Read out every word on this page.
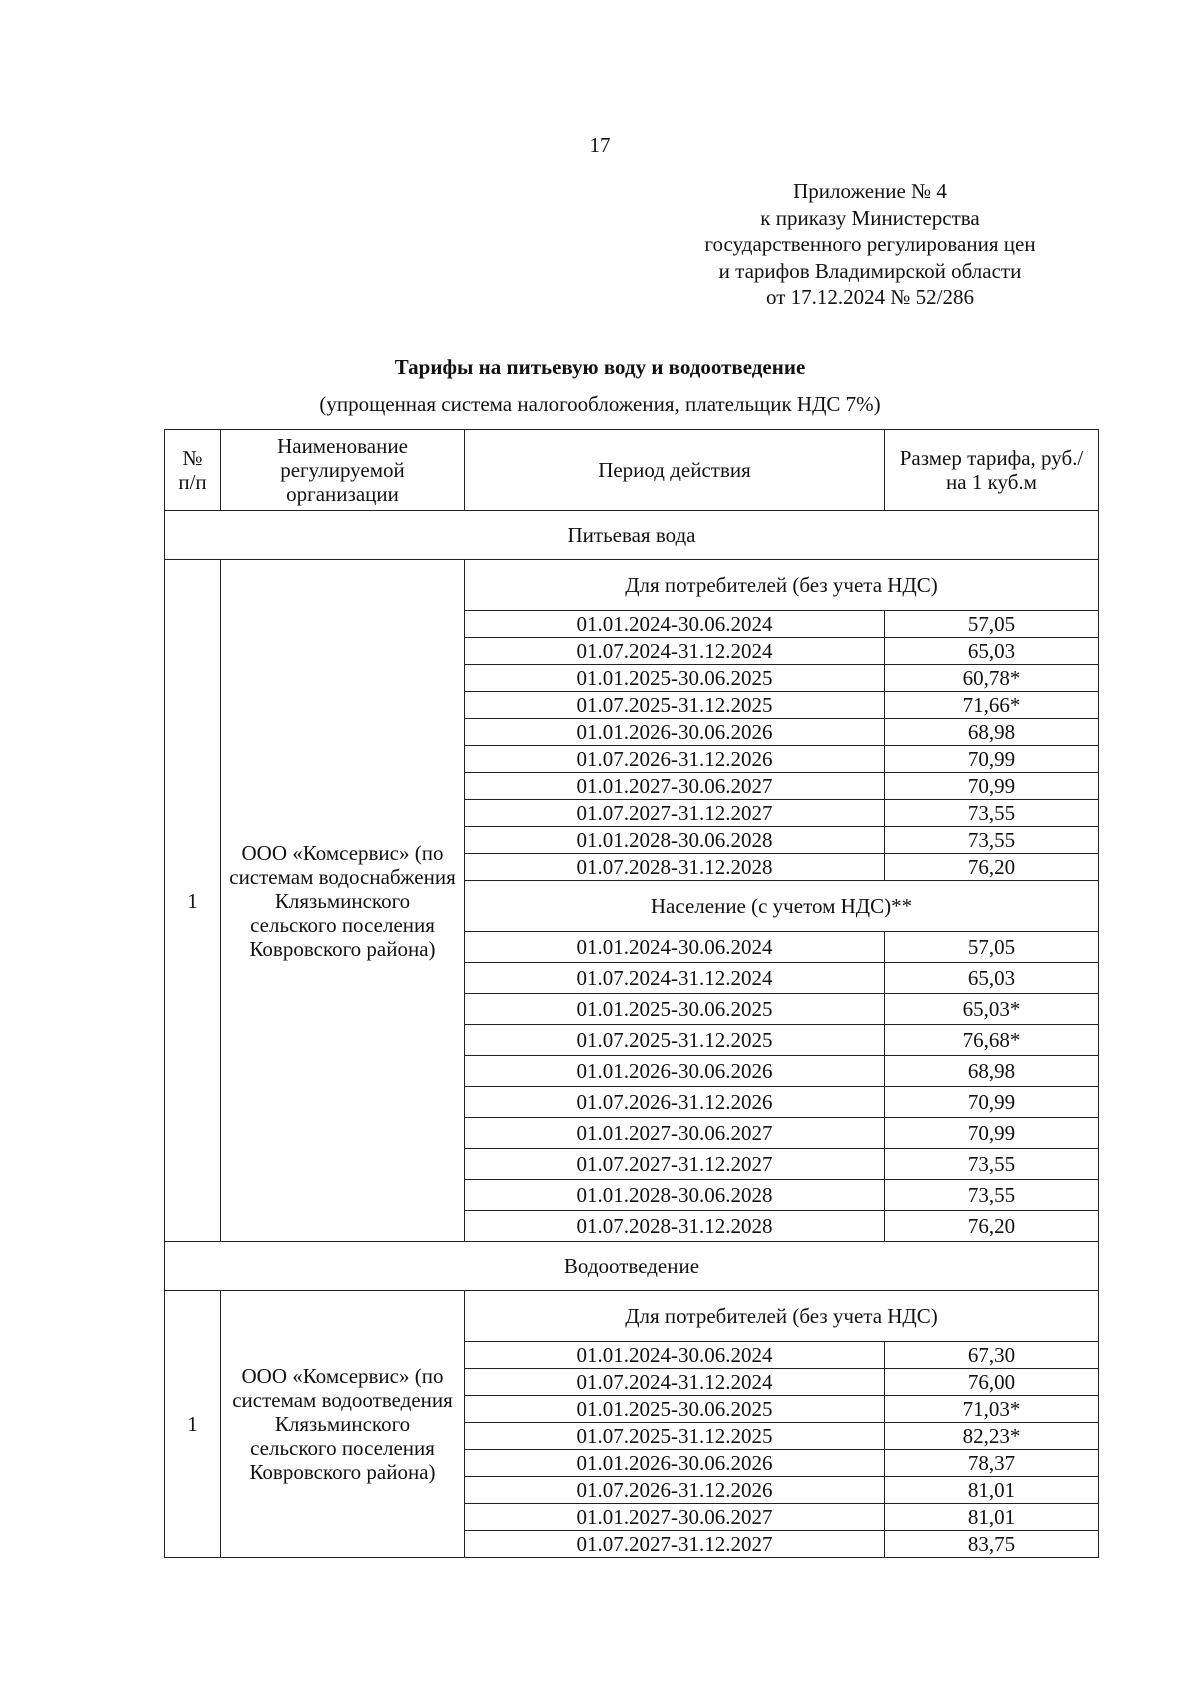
17
Приложение № 4
к приказу Министерства
государственного регулирования цен
и тарифов Владимирской области
от 17.12.2024 № 52/286
Тарифы на питьевую воду и водоотведение
(упрощенная система налогообложения, плательщик НДС 7%)
№ п/п	Наименование регулируемой организации	Период действия	Размер тарифа, руб./на 1 куб.м
Питьевая вода			
1	ООО «Комсервис» (по системам водоснабжения Клязьминского сельского поселения Ковровского района)	Для потребителей (без учета НДС)	
		01.01.2024-30.06.2024	57,05
		01.07.2024-31.12.2024	65,03
		01.01.2025-30.06.2025	60,78*
		01.07.2025-31.12.2025	71,66*
		01.01.2026-30.06.2026	68,98
		01.07.2026-31.12.2026	70,99
		01.01.2027-30.06.2027	70,99
		01.07.2027-31.12.2027	73,55
		01.01.2028-30.06.2028	73,55
		01.07.2028-31.12.2028	76,20
		Население (с учетом НДС)**	
		01.01.2024-30.06.2024	57,05
		01.07.2024-31.12.2024	65,03
		01.01.2025-30.06.2025	65,03*
		01.07.2025-31.12.2025	76,68*
		01.01.2026-30.06.2026	68,98
		01.07.2026-31.12.2026	70,99
		01.01.2027-30.06.2027	70,99
		01.07.2027-31.12.2027	73,55
		01.01.2028-30.06.2028	73,55
		01.07.2028-31.12.2028	76,20
Водоотведение			
1	ООО «Комсервис» (по системам водоотведения Клязьминского сельского поселения Ковровского района)	Для потребителей (без учета НДС)	
		01.01.2024-30.06.2024	67,30
		01.07.2024-31.12.2024	76,00
		01.01.2025-30.06.2025	71,03*
		01.07.2025-31.12.2025	82,23*
		01.01.2026-30.06.2026	78,37
		01.07.2026-31.12.2026	81,01
		01.01.2027-30.06.2027	81,01
		01.07.2027-31.12.2027	83,75
